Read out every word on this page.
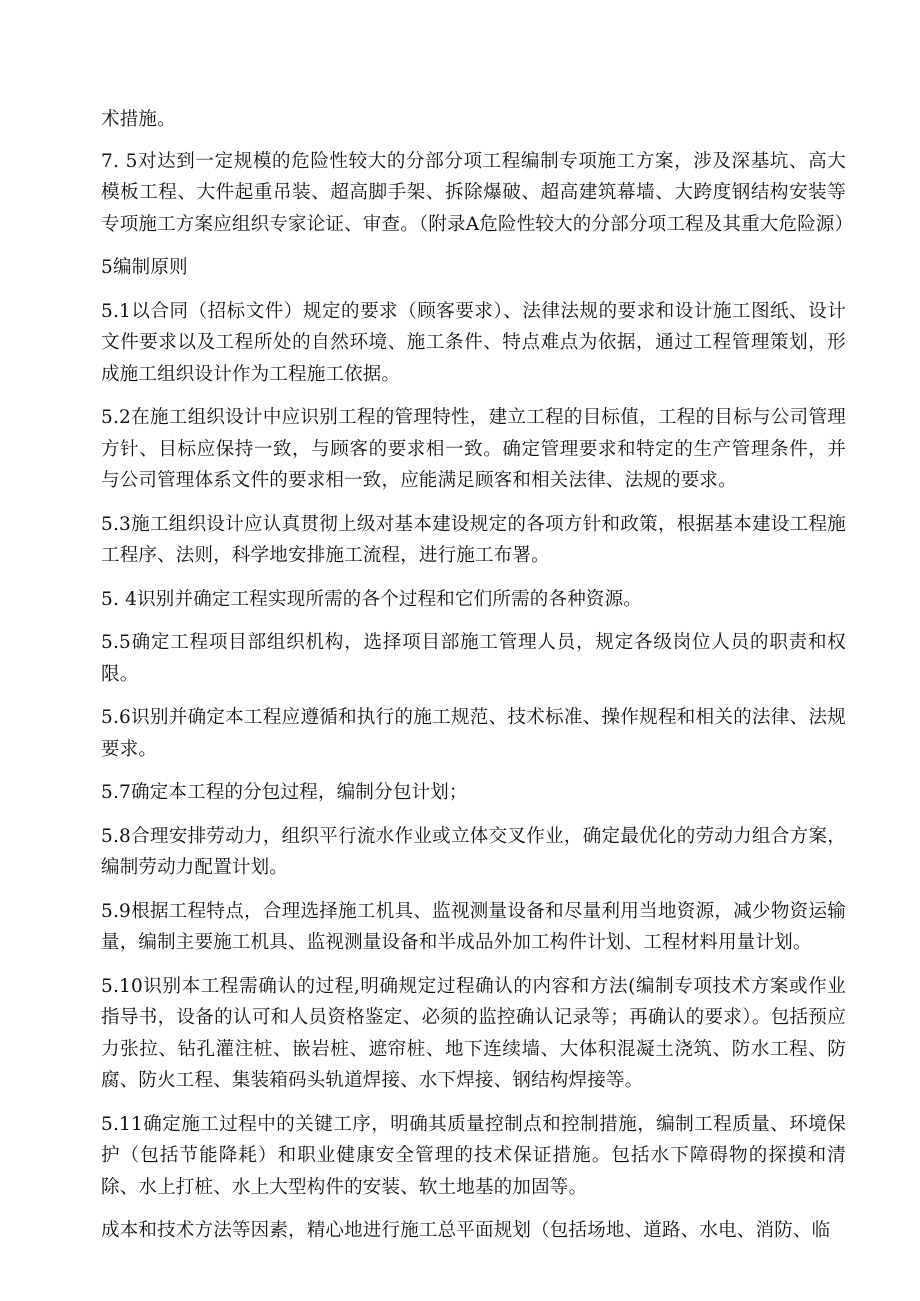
术措施。

7. 5对达到一定规模的危险性较大的分部分项工程编制专项施工方案，涉及深基坑、高大模板工程、大件起重吊装、超高脚手架、拆除爆破、超高建筑幕墙、大跨度钢结构安装等专项施工方案应组织专家论证、审查。（附录A危险性较大的分部分项工程及其重大危险源）

5编制原则

5.1以合同（招标文件）规定的要求（顾客要求）、法律法规的要求和设计施工图纸、设计文件要求以及工程所处的自然环境、施工条件、特点难点为依据，通过工程管理策划，形成施工组织设计作为工程施工依据。

5.2在施工组织设计中应识别工程的管理特性，建立工程的目标值，工程的目标与公司管理方针、目标应保持一致，与顾客的要求相一致。确定管理要求和特定的生产管理条件，并与公司管理体系文件的要求相一致，应能满足顾客和相关法律、法规的要求。

5.3施工组织设计应认真贯彻上级对基本建设规定的各项方针和政策，根据基本建设工程施工程序、法则，科学地安排施工流程，进行施工布署。

5. 4识别并确定工程实现所需的各个过程和它们所需的各种资源。

5.5确定工程项目部组织机构，选择项目部施工管理人员，规定各级岗位人员的职责和权限。

5.6识别并确定本工程应遵循和执行的施工规范、技术标准、操作规程和相关的法律、法规要求。

5.7确定本工程的分包过程，编制分包计划；

5.8合理安排劳动力，组织平行流水作业或立体交叉作业，确定最优化的劳动力组合方案，编制劳动力配置计划。

5.9根据工程特点，合理选择施工机具、监视测量设备和尽量利用当地资源，减少物资运输量，编制主要施工机具、监视测量设备和半成品外加工构件计划、工程材料用量计划。

5.10识别本工程需确认的过程,明确规定过程确认的内容和方法(编制专项技术方案或作业指导书，设备的认可和人员资格鉴定、必须的监控确认记录等；再确认的要求）。包括预应力张拉、钻孔灌注桩、嵌岩桩、遮帘桩、地下连续墙、大体积混凝土浇筑、防水工程、防腐、防火工程、集装箱码头轨道焊接、水下焊接、钢结构焊接等。

5.11确定施工过程中的关键工序，明确其质量控制点和控制措施，编制工程质量、环境保护（包括节能降耗）和职业健康安全管理的技术保证措施。包括水下障碍物的探摸和清除、水上打桩、水上大型构件的安装、软土地基的加固等。

成本和技术方法等因素，精心地进行施工总平面规划（包括场地、道路、水电、消防、临
